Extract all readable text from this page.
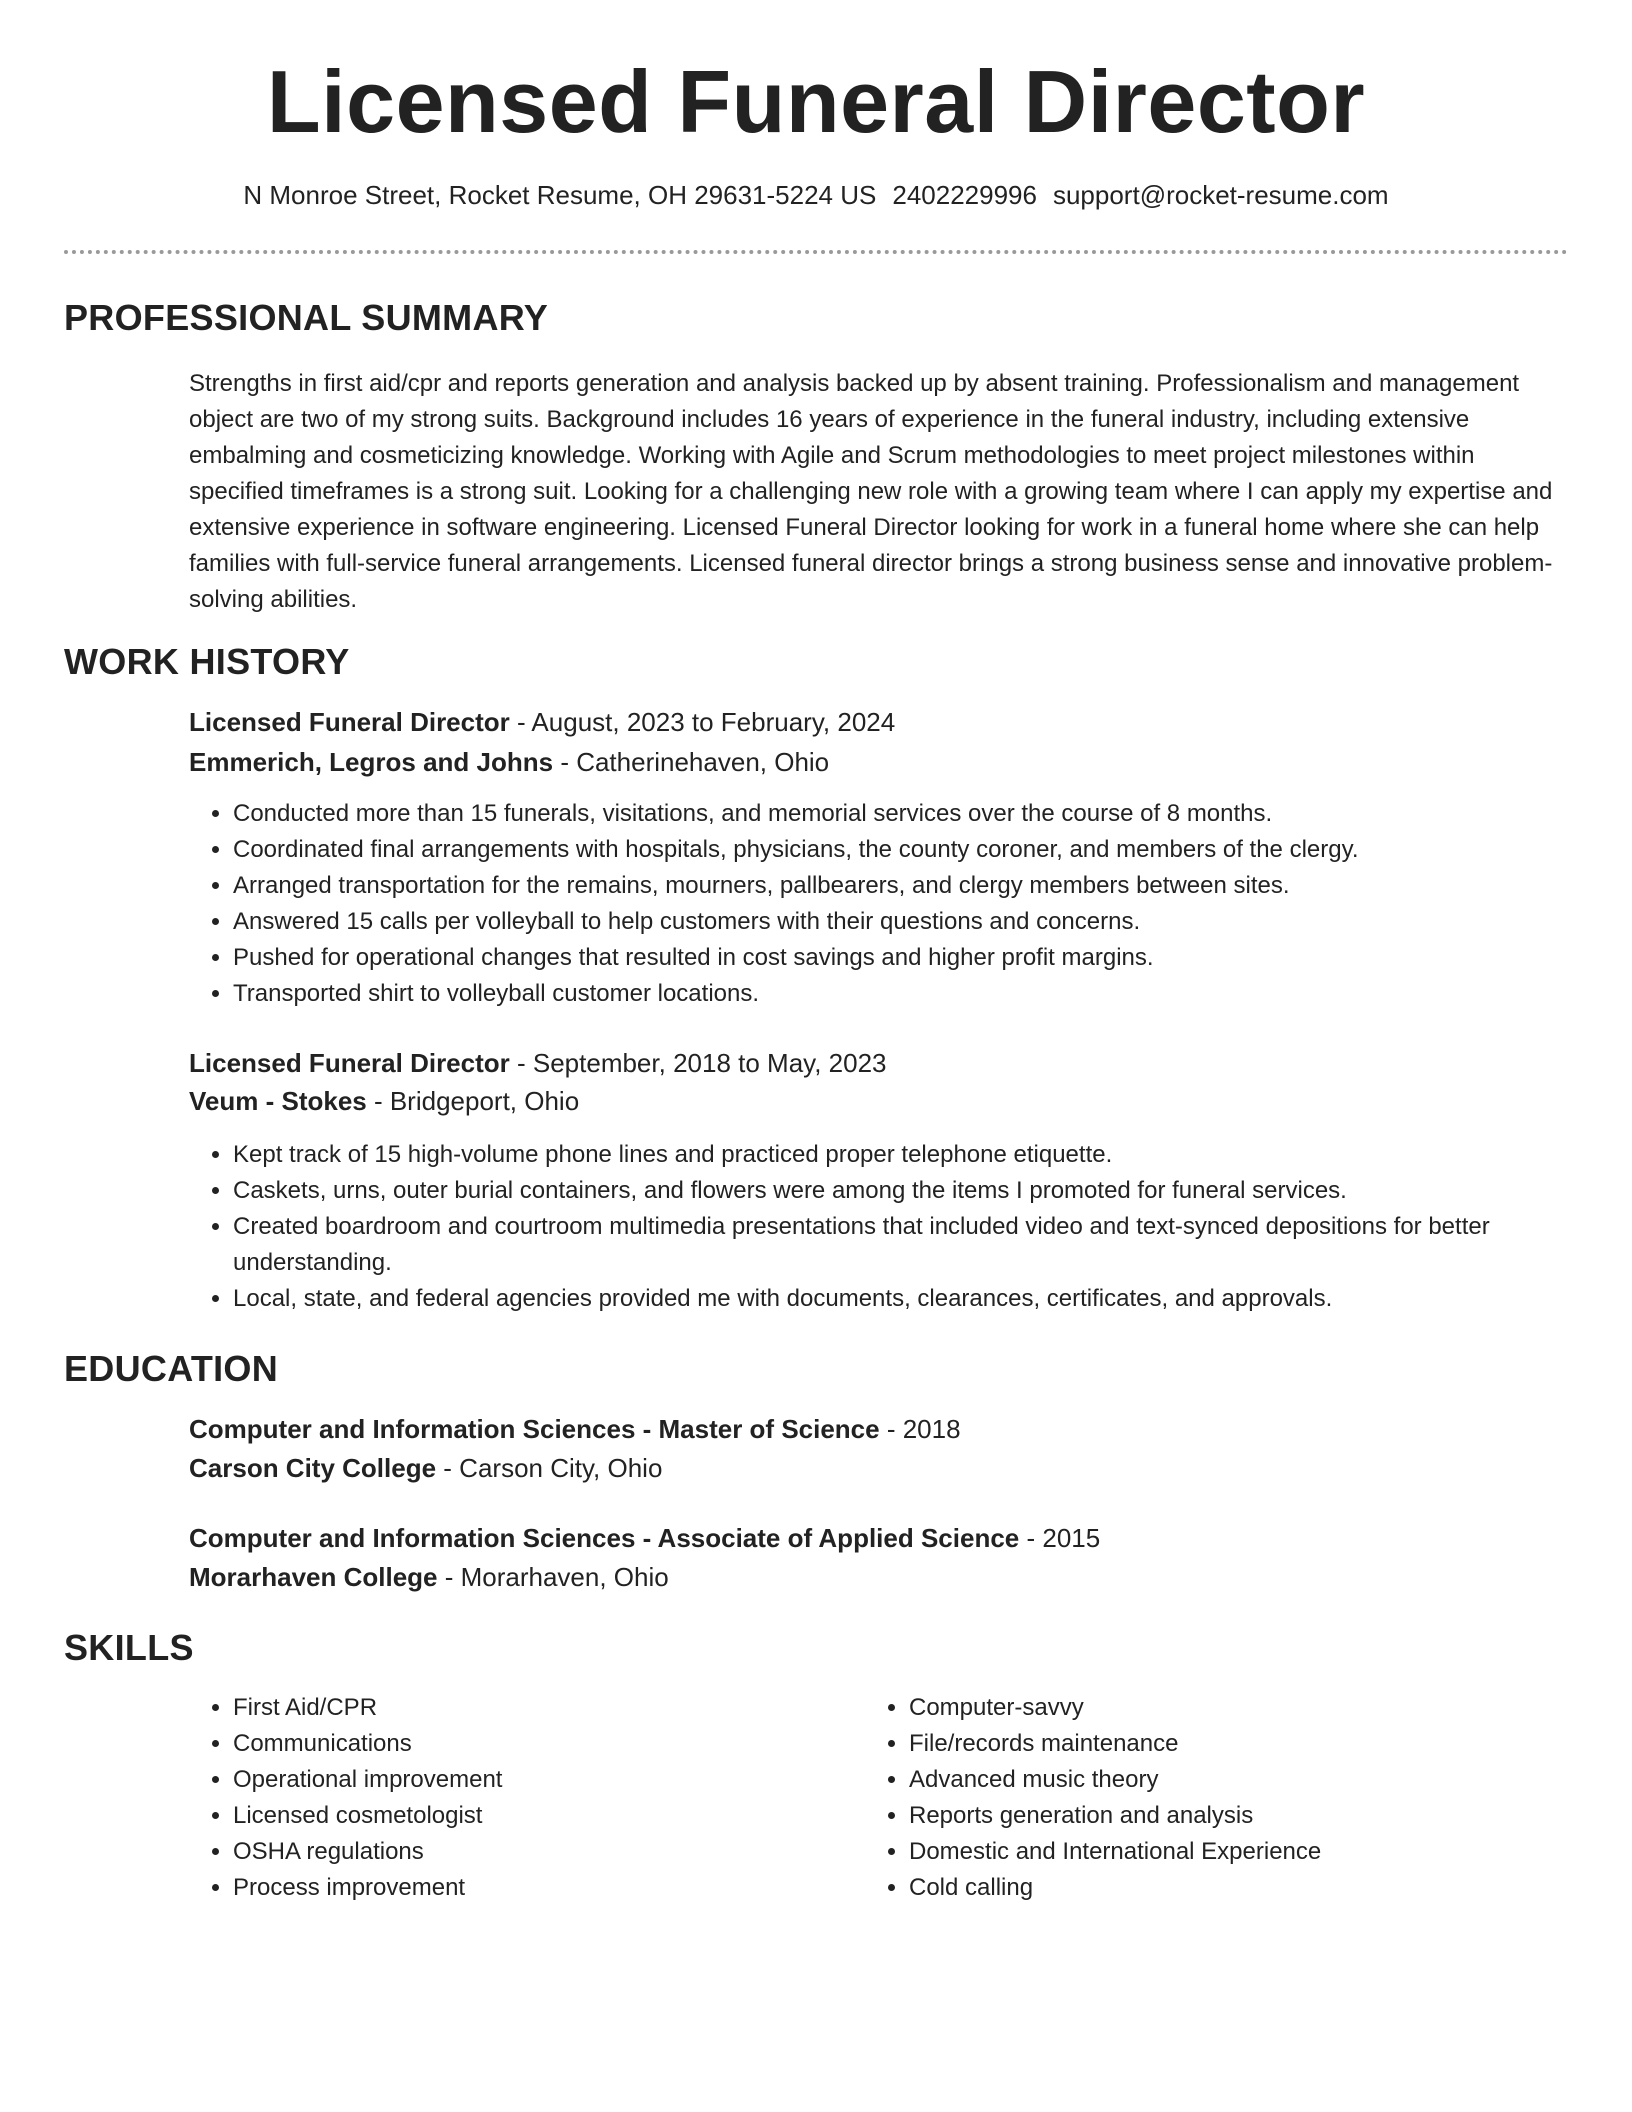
Licensed Funeral Director
N Monroe Street, Rocket Resume, OH 29631-5224 US 2402229996 support@rocket-resume.com
PROFESSIONAL SUMMARY

Strengths in first aid/cpr and reports generation and analysis backed up by absent training. Professionalism and management object are two of my strong suits. Background includes 16 years of experience in the funeral industry, including extensive embalming and cosmeticizing knowledge. Working with Agile and Scrum methodologies to meet project milestones within specified timeframes is a strong suit. Looking for a challenging new role with a growing team where I can apply my expertise and extensive experience in software engineering. Licensed Funeral Director looking for work in a funeral home where she can help families with full-service funeral arrangements. Licensed funeral director brings a strong business sense and innovative problem-solving abilities.

WORK HISTORY
Licensed Funeral Director - August, 2023 to February, 2024
Emmerich, Legros and Johns - Catherinehaven, Ohio
• Conducted more than 15 funerals, visitations, and memorial services over the course of 8 months.
• Coordinated final arrangements with hospitals, physicians, the county coroner, and members of the clergy.
• Arranged transportation for the remains, mourners, pallbearers, and clergy members between sites.
• Answered 15 calls per volleyball to help customers with their questions and concerns.
• Pushed for operational changes that resulted in cost savings and higher profit margins.
• Transported shirt to volleyball customer locations.
Licensed Funeral Director - September, 2018 to May, 2023
Veum - Stokes - Bridgeport, Ohio
• Kept track of 15 high-volume phone lines and practiced proper telephone etiquette.
• Caskets, urns, outer burial containers, and flowers were among the items I promoted for funeral services.
• Created boardroom and courtroom multimedia presentations that included video and text-synced depositions for better understanding.
• Local, state, and federal agencies provided me with documents, clearances, certificates, and approvals.
EDUCATION
Computer and Information Sciences - Master of Science - 2018
Carson City College - Carson City, Ohio
Computer and Information Sciences - Associate of Applied Science - 2015
Morarhaven College - Morarhaven, Ohio
SKILLS
• First Aid/CPR
• Communications
• Operational improvement
• Licensed cosmetologist
• OSHA regulations
• Process improvement
• Computer-savvy
• File/records maintenance
• Advanced music theory
• Reports generation and analysis
• Domestic and International Experience
• Cold calling
